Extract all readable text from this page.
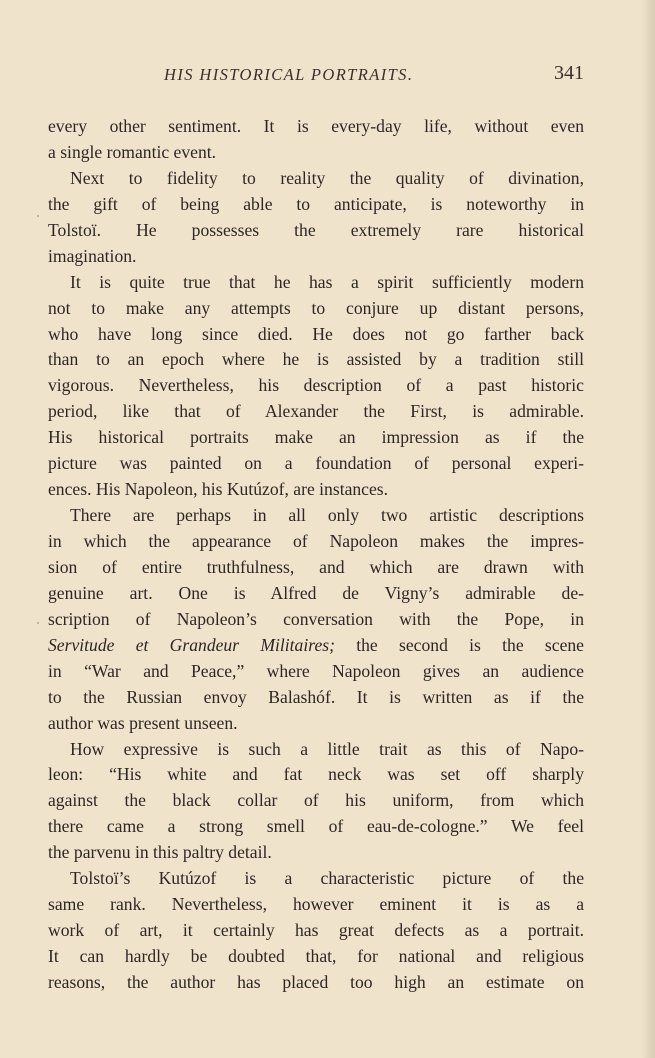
HIS HISTORICAL PORTRAITS.	341
every other sentiment. It is every-day life, without even
a single romantic event.
Next to fidelity to reality the quality of divination,
the gift of being able to anticipate, is noteworthy in
Tolstoï. He possesses the extremely rare historical
imagination.
It is quite true that he has a spirit sufficiently modern
not to make any attempts to conjure up distant persons,
who have long since died. He does not go farther back
than to an epoch where he is assisted by a tradition still
vigorous. Nevertheless, his description of a past historic
period, like that of Alexander the First, is admirable.
His historical portraits make an impression as if the
picture was painted on a foundation of personal experi-
ences. His Napoleon, his Kutúzof, are instances.
There are perhaps in all only two artistic descriptions
in which the appearance of Napoleon makes the impres-
sion of entire truthfulness, and which are drawn with
genuine art. One is Alfred de Vigny’s admirable de-
scription of Napoleon’s conversation with the Pope, in
Servitude et Grandeur Militaires; the second is the scene
in “War and Peace,” where Napoleon gives an audience
to the Russian envoy Balashóf. It is written as if the
author was present unseen.
How expressive is such a little trait as this of Napo-
leon: “His white and fat neck was set off sharply
against the black collar of his uniform, from which
there came a strong smell of eau-de-cologne.” We feel
the parvenu in this paltry detail.
Tolstoï’s Kutúzof is a characteristic picture of the
same rank. Nevertheless, however eminent it is as a
work of art, it certainly has great defects as a portrait.
It can hardly be doubted that, for national and religious
reasons, the author has placed too high an estimate on
